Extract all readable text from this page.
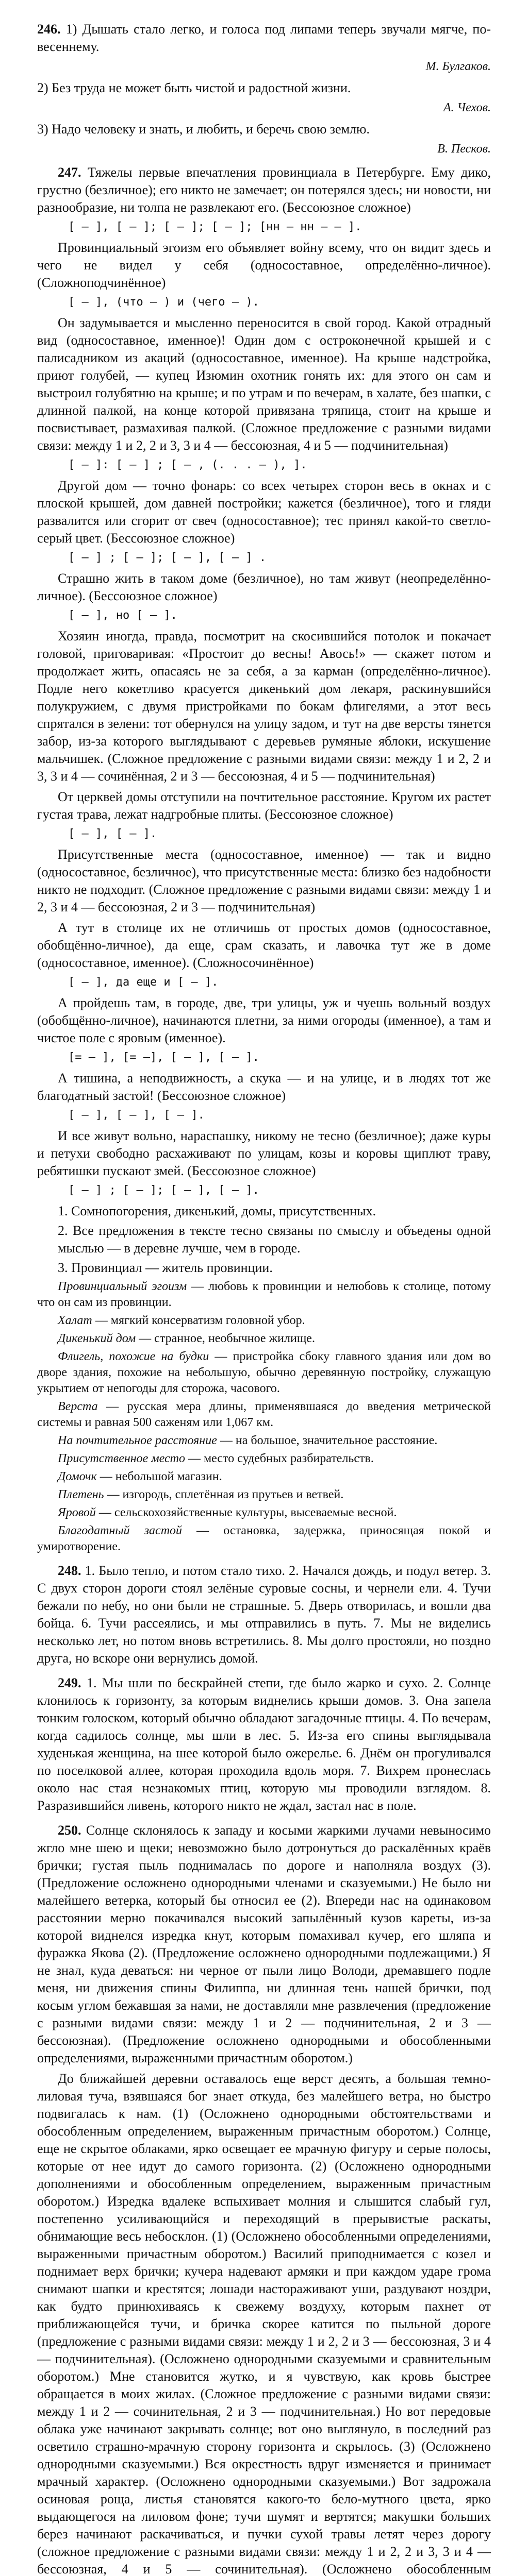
246. 1) Дышать стало легко, и голоса под липами теперь звучали мягче, по-весеннему.

М. Булгаков.

2) Без труда не может быть чистой и радостной жизни.

А. Чехов.

3) Надо человеку и знать, и любить, и беречь свою землю.

В. Песков.

247. Тяжелы первые впечатления провинциала в Петербурге. Ему дико, грустно (безличное); его никто не замечает; он потерялся здесь; ни новости, ни разнообразие, ни толпа не развлекают его. (Бессоюзное сложное)

[ — ], [ — ]; [ — ]; [ — ]; [нн – нн – — ].

Провинциальный эгоизм его объявляет войну всему, что он видит здесь и чего не видел у себя (односоставное, определённо-личное). (Сложноподчинённое)

[ — ], (что — ) и (чего — ).

Он задумывается и мысленно переносится в свой город. Какой отрадный вид (односоставное, именное)! Один дом с остроконечной крышей и с палисадником из акаций (односоставное, именное). На крыше надстройка, приют голубей, — купец Изюмин охотник гонять их: для этого он сам и выстроил голубятню на крыше; и по утрам и по вечерам, в халате, без шапки, с длинной палкой, на конце которой привязана тряпица, стоит на крыше и посвистывает, размахивая палкой. (Сложное предложение с разными видами связи: между 1 и 2, 2 и 3, 3 и 4 — бессоюзная, 4 и 5 — подчинительная)

[ — ]: [ — ] ; [ — , (. . . — ), ].

Другой дом — точно фонарь: со всех четырех сторон весь в окнах и с плоской крышей, дом давней постройки; кажется (безличное), того и гляди развалится или сгорит от свеч (односоставное); тес принял какой-то светло-серый цвет. (Бессоюзное сложное)

[ — ] ; [ — ]; [ — ], [ — ] .

Страшно жить в таком доме (безличное), но там живут (неопределённо-личное). (Бессоюзное сложное)

[ — ], но [ — ].

Хозяин иногда, правда, посмотрит на скосившийся потолок и покачает головой, приговаривая: «Простоит до весны! Авось!» — скажет потом и продолжает жить, опасаясь не за себя, а за карман (определённо-личное). Подле него кокетливо красуется дикенький дом лекаря, раскинувшийся полукружием, с двумя пристройками по бокам флигелями, а этот весь спрятался в зелени: тот обернулся на улицу задом, и тут на две версты тянется забор, из-за которого выглядывают с деревьев румяные яблоки, искушение мальчишек. (Сложное предложение с разными видами связи: между 1 и 2, 2 и 3, 3 и 4 — сочинённая, 2 и 3 — бессоюзная, 4 и 5 — подчинительная)

От церквей домы отступили на почтительное расстояние. Кругом их растет густая трава, лежат надгробные плиты. (Бессоюзное сложное)

[ — ], [ — ].

Присутственные места (односоставное, именное) — так и видно (односоставное, безличное), что присутственные места: близко без надобности никто не подходит. (Сложное предложение с разными видами связи: между 1 и 2, 3 и 4 — бессоюзная, 2 и 3 — подчинительная)

А тут в столице их не отличишь от простых домов (односоставное, обобщённо-личное), да еще, срам сказать, и лавочка тут же в доме (односоставное, именное). (Сложносочинённое)

[ — ], да еще и [ — ].

А пройдешь там, в городе, две, три улицы, уж и чуешь вольный воздух (обобщённо-личное), начинаются плетни, за ними огороды (именное), а там и чистое поле с яровым (именное).

[= — ], [= —], [ — ], [ — ].

А тишина, а неподвижность, а скука — и на улице, и в людях тот же благодатный застой! (Бессоюзное сложное)

[ — ], [ — ], [ — ].

И все живут вольно, нараспашку, никому не тесно (безличное); даже куры и петухи свободно расхаживают по улицам, козы и коровы щиплют траву, ребятишки пускают змей. (Бессоюзное сложное)

[ — ] ; [ — ]; [ — ], [ — ].

1. Сомнопогорения, дикенький, домы, присутственных.

2. Все предложения в тексте тесно связаны по смыслу и объедены одной мыслью — в деревне лучше, чем в городе.

3. Провинциал — житель провинции.

Провинциальный эгоизм — любовь к провинции и нелюбовь к столице, потому что он сам из провинции.

Халат — мягкий консерватизм головной убор.

Дикенький дом — странное, необычное жилище.

Флигель, похожие на будки — пристройка сбоку главного здания или дом во дворе здания, похожие на небольшую, обычно деревянную постройку, служащую укрытием от непогоды для сторожа, часового.

Верста — русская мера длины, применявшаяся до введения метрической системы и равная 500 саженям или 1,067 км.

На почтительное расстояние — на большое, значительное расстояние.

Присутственное место — место судебных разбирательств.

Домочк — небольшой магазин.

Плетень — изгородь, сплетённая из прутьев и ветвей.

Яровой — сельскохозяйственные культуры, высеваемые весной.

Благодатный застой — остановка, задержка, приносящая покой и умиротворение.

248. 1. Было тепло, и потом стало тихо. 2. Начался дождь, и подул ветер. 3. С двух сторон дороги стоял зелёные суровые сосны, и чернели ели. 4. Тучи бежали по небу, но они были не страшные. 5. Дверь отворилась, и вошли два бойца. 6. Тучи рассеялись, и мы отправились в путь. 7. Мы не виделись несколько лет, но потом вновь встретились. 8. Мы долго простояли, но поздно друга, но вскоре они вернулись домой.

249. 1. Мы шли по бескрайней степи, где было жарко и сухо. 2. Солнце клонилось к горизонту, за которым виднелись крыши домов. 3. Она запела тонким голоском, который обычно обладают загадочные птицы. 4. По вечерам, когда садилось солнце, мы шли в лес. 5. Из-за его спины выглядывала худенькая женщина, на шее которой было ожерелье. 6. Днём он прогуливался по поселковой аллее, которая проходила вдоль моря. 7. Вихрем пронеслась около нас стая незнакомых птиц, которую мы проводили взглядом. 8. Разразившийся ливень, которого никто не ждал, застал нас в поле.

250. Солнце склонялось к западу и косыми жаркими лучами невыносимо жгло мне шею и щеки; невозможно было дотронуться до раскалённых краёв брички; густая пыль поднималась по дороге и наполняла воздух (3). (Предложение осложнено однородными членами и сказуемыми.) Не было ни малейшего ветерка, который бы относил ее (2). Впереди нас на одинаковом расстоянии мерно покачивался высокий запылённый кузов кареты, из-за которой виднелся изредка кнут, которым помахивал кучер, его шляпа и фуражка Якова (2). (Предложение осложнено однородными подлежащими.) Я не знал, куда деваться: ни черное от пыли лицо Володи, дремавшего подле меня, ни движения спины Филиппа, ни длинная тень нашей брички, под косым углом бежавшая за нами, не доставляли мне развлечения (предложение с разными видами связи: между 1 и 2 — подчинительная, 2 и 3 — бессоюзная). (Предложение осложнено однородными и обособленными определениями, выраженными причастным оборотом.)

До ближайшей деревни оставалось еще верст десять, а большая темно-лиловая туча, взявшаяся бог знает откуда, без малейшего ветра, но быстро подвигалась к нам. (1) (Осложнено однородными обстоятельствами и обособленным определением, выраженным причастным оборотом.) Солнце, еще не скрытое облаками, ярко освещает ее мрачную фигуру и серые полосы, которые от нее идут до самого горизонта. (2) (Осложнено однородными дополнениями и обособленным определением, выраженным причастным оборотом.) Изредка вдалеке вспыхивает молния и слышится слабый гул, постепенно усиливающийся и переходящий в прерывистые раскаты, обнимающие весь небосклон. (1) (Осложнено обособленными определениями, выраженными причастным оборотом.) Василий приподнимается с козел и поднимает верх брички; кучера надевают армяки и при каждом ударе грома снимают шапки и крестятся; лошади настораживают уши, раздувают ноздри, как будто принюхиваясь к свежему воздуху, которым пахнет от приближающейся тучи, и бричка скорее катится по пыльной дороге (предложение с разными видами связи: между 1 и 2, 2 и 3 — бессоюзная, 3 и 4 — подчинительная). (Осложнено однородными сказуемыми и сравнительным оборотом.) Мне становится жутко, и я чувствую, как кровь быстрее обращается в моих жилах. (Сложное предложение с разными видами связи: между 1 и 2 — сочинительная, 2 и 3 — подчинительная.) Но вот передовые облака уже начинают закрывать солнце; вот оно выглянуло, в последний раз осветило страшно-мрачную сторону горизонта и скрылось. (3) (Осложнено однородными сказуемыми.) Вся окрестность вдруг изменяется и принимает мрачный характер. (Осложнено однородными сказуемыми.) Вот задрожала осиновая роща, листья становятся какого-то бело-мутного цвета, ярко выдающегося на лиловом фоне; тучи шумят и вертятся; макушки больших берез начинают раскачиваться, и пучки сухой травы летят через дорогу (сложное предложение с разными видами связи: между 1 и 2, 2 и 3, 3 и 4 — бессоюзная, 4 и 5 — сочинительная). (Осложнено обособленным
